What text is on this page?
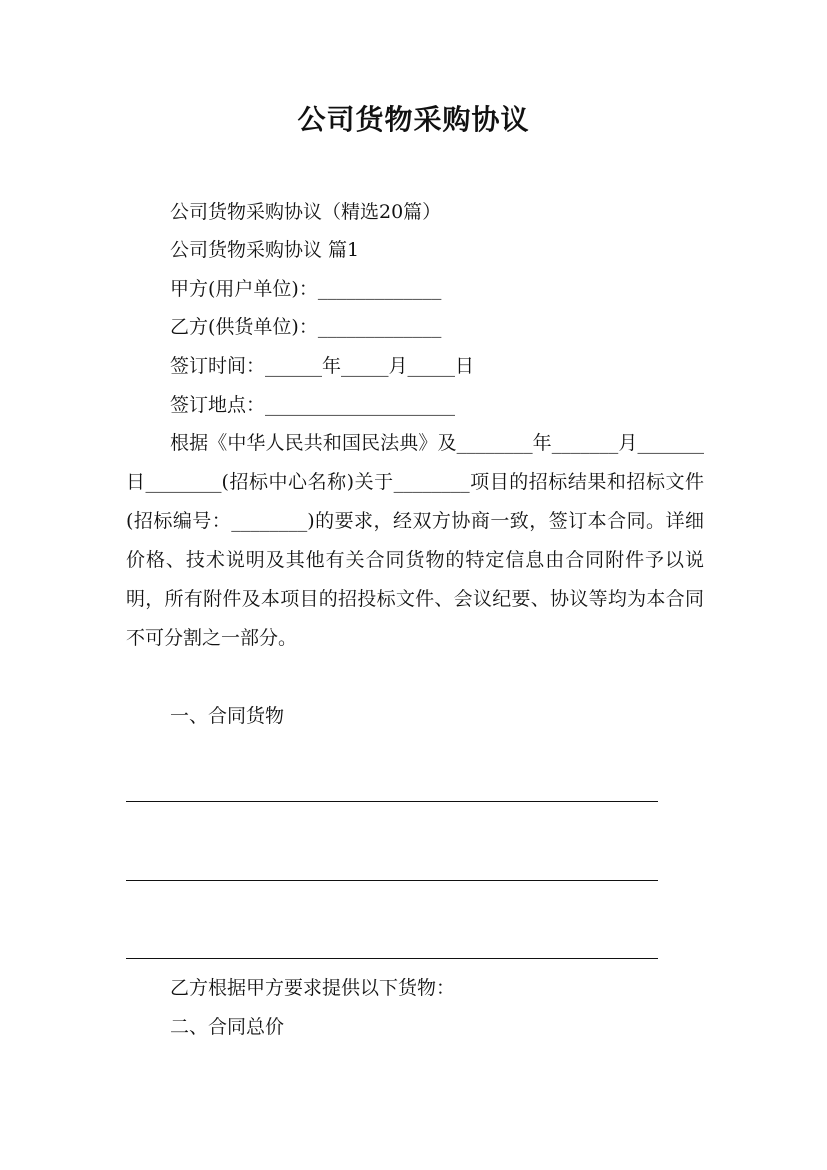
公司货物采购协议
公司货物采购协议（精选20篇）
公司货物采购协议 篇1
甲方(用户单位)：_____________
乙方(供货单位)：_____________
签订时间：______年_____月_____日
签订地点：____________________
根据《中华人民共和国民法典》及________年_______月_______日________(招标中心名称)关于________项目的招标结果和招标文件(招标编号：________)的要求，经双方协商一致，签订本合同。详细价格、技术说明及其他有关合同货物的特定信息由合同附件予以说明，所有附件及本项目的招投标文件、会议纪要、协议等均为本合同不可分割之一部分。
一、合同货物
乙方根据甲方要求提供以下货物：
二、合同总价
